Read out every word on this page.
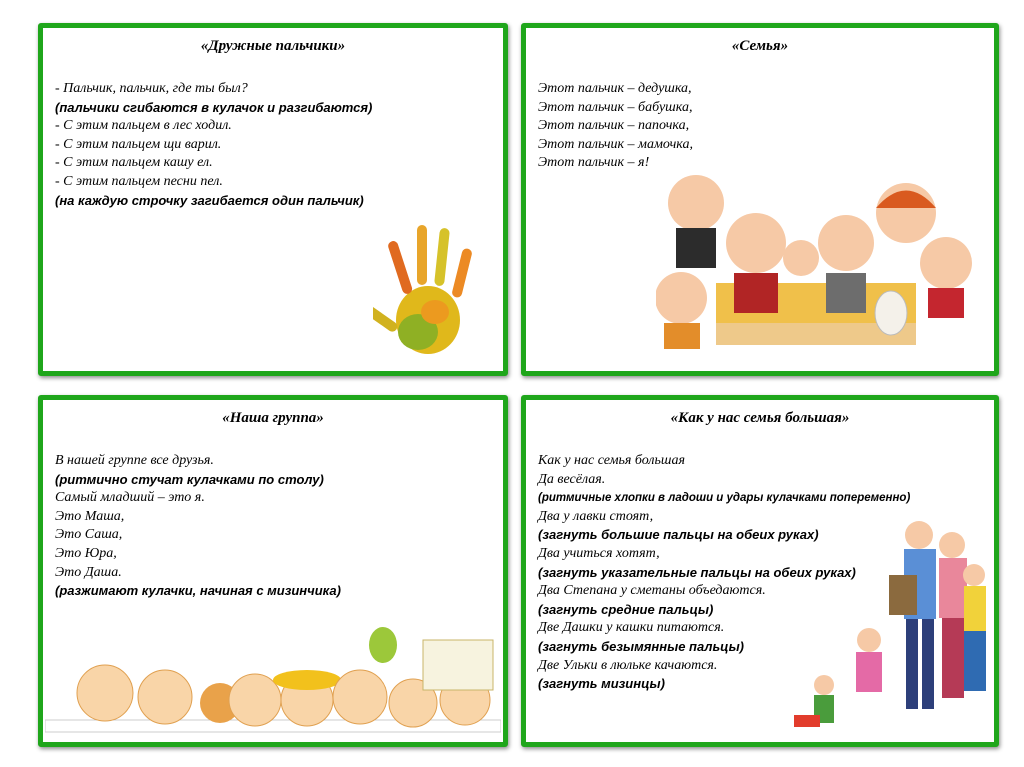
«Дружные пальчики»
- Пальчик, пальчик, где ты был?
(пальчики сгибаются в кулачок и разгибаются)
- С этим пальцем в лес ходил.
- С этим пальцем щи варил.
- С этим пальцем кашу ел.
- С этим пальцем песни пел.
(на каждую строчку загибается один пальчик)
«Семья»
Этот пальчик – дедушка,
Этот пальчик – бабушка,
Этот пальчик – папочка,
Этот пальчик – мамочка,
Этот пальчик – я!
«Наша группа»
В нашей группе все друзья.
(ритмично стучат кулачками по столу)
Самый младший – это я.
Это Маша,
Это Саша,
Это Юра,
Это Даша.
(разжимают кулачки, начиная с мизинчика)
«Как у нас семья большая»
Как у нас семья большая
Да весёлая.
(ритмичные хлопки в ладоши и удары кулачками попеременно)
Два у лавки стоят,
(загнуть большие пальцы на обеих руках)
Два учиться хотят,
(загнуть указательные пальцы на обеих руках)
Два Степана у сметаны объедаются.
(загнуть средние пальцы)
Две Дашки у кашки питаются.
(загнуть безымянные пальцы)
Две Ульки в люльке качаются.
(загнуть мизинцы)
